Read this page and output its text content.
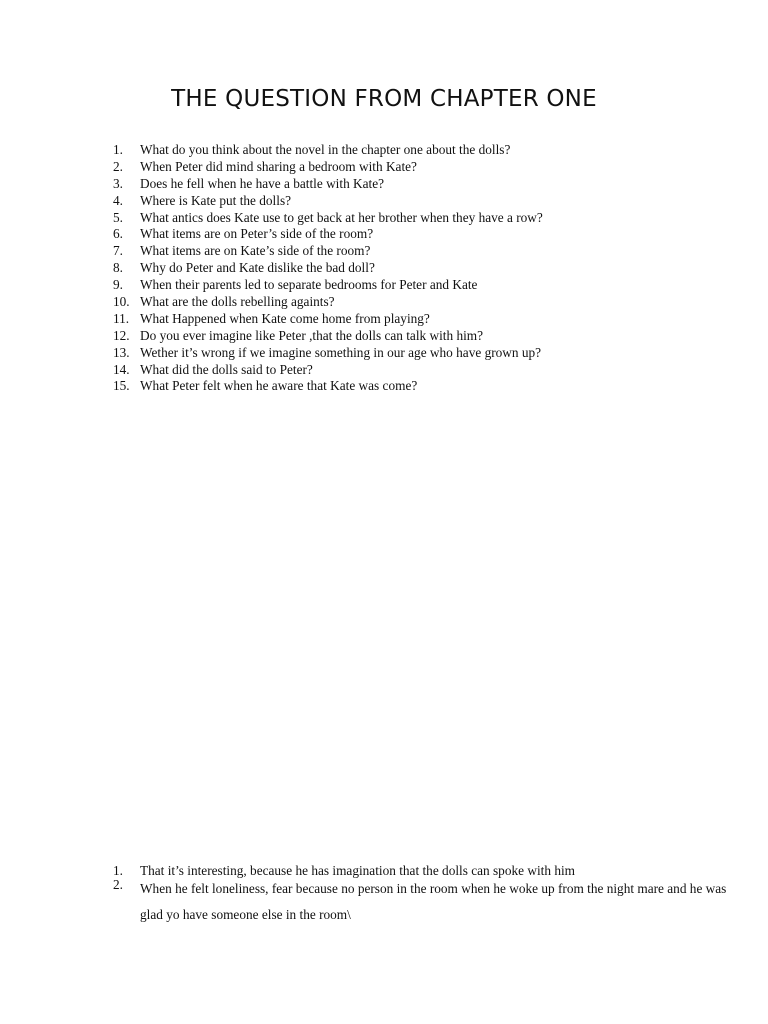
THE QUESTION FROM CHAPTER ONE
1. What do you think about the novel in the chapter one about the dolls?
2. When Peter did mind sharing a bedroom with Kate?
3. Does he fell when he have a battle with Kate?
4. Where is Kate put the dolls?
5. What antics does Kate use to get back at her brother when they have a row?
6. What items are on Peter’s side of the room?
7. What items are on Kate’s side of the room?
8. Why do Peter and Kate dislike the bad doll?
9. When their parents led to separate bedrooms for Peter and Kate
10. What are the dolls rebelling againts?
11. What Happened when Kate come home from playing?
12. Do you ever imagine like Peter ,that the dolls can talk with him?
13. Wether it’s wrong if we imagine something in our age who have grown up?
14. What did the dolls said to Peter?
15. What Peter felt when he aware that Kate was come?
1.	That it’s interesting, because he has imagination that the dolls can spoke with him
2.	When he felt loneliness, fear because no person in the room when he woke up from the night mare and he was glad yo have someone else in the room\
